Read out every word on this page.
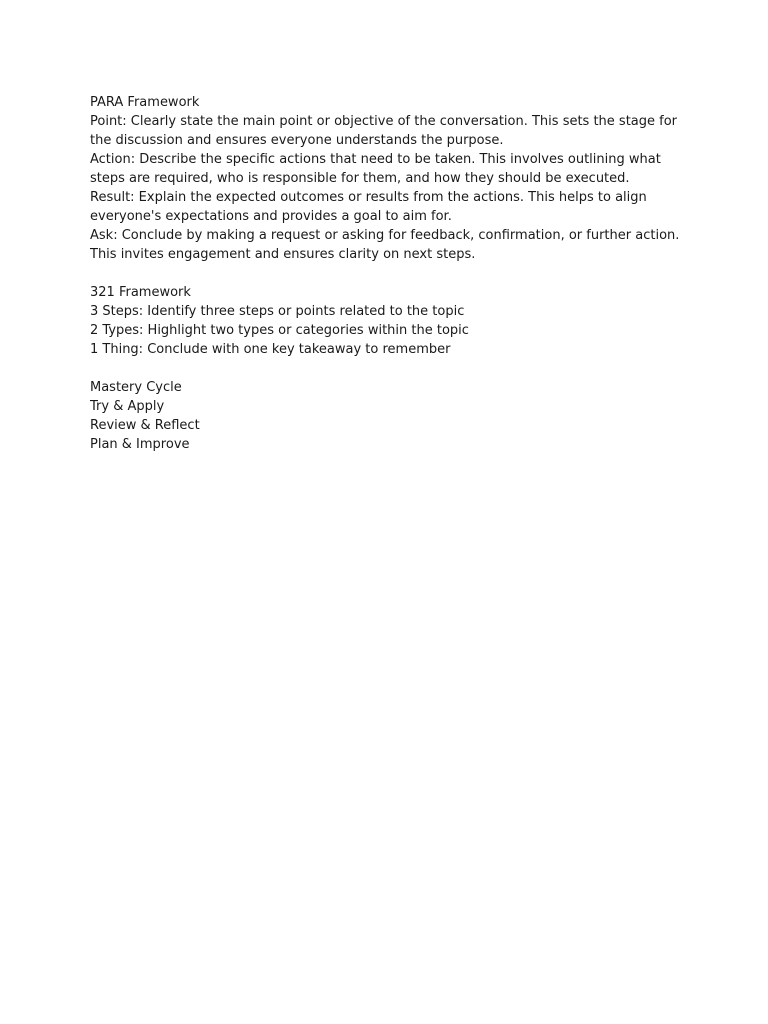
PARA Framework

Point: Clearly state the main point or objective of the conversation. This sets the stage for the discussion and ensures everyone understands the purpose.

Action: Describe the specific actions that need to be taken. This involves outlining what steps are required, who is responsible for them, and how they should be executed.

Result: Explain the expected outcomes or results from the actions. This helps to align everyone's expectations and provides a goal to aim for.

Ask: Conclude by making a request or asking for feedback, confirmation, or further action. This invites engagement and ensures clarity on next steps.

321 Framework

3 Steps: Identify three steps or points related to the topic

2 Types: Highlight two types or categories within the topic

1 Thing: Conclude with one key takeaway to remember

Mastery Cycle

Try & Apply

Review & Reflect

Plan & Improve
